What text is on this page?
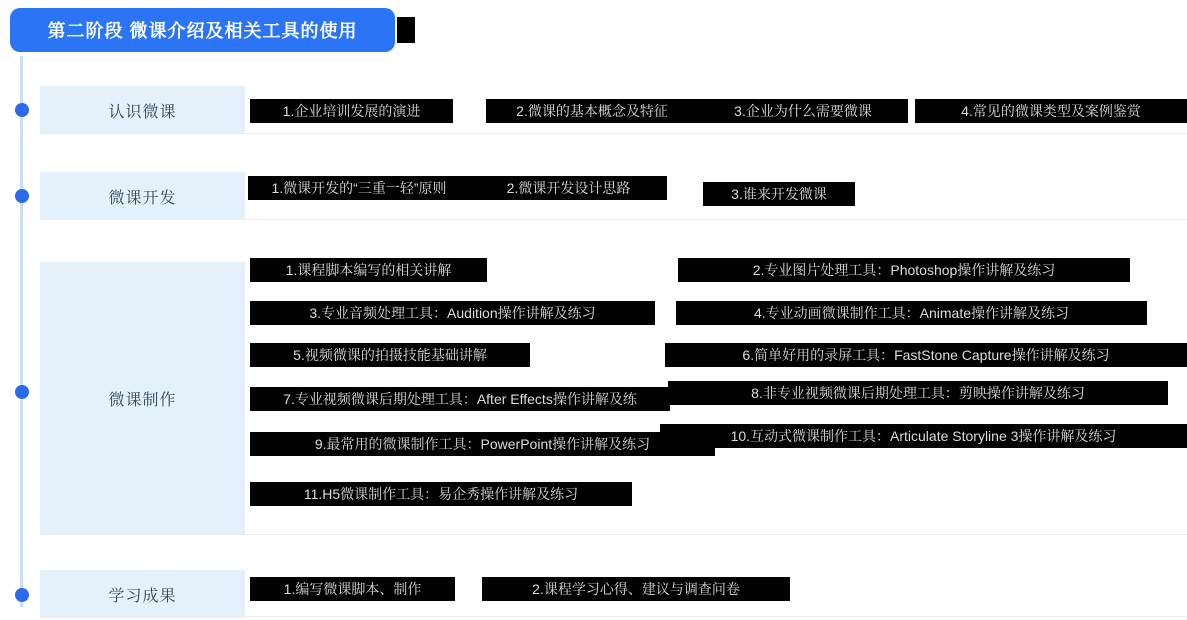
第二阶段 微课介绍及相关工具的使用
认识微课
微课开发
微课制作
学习成果
1.企业培训发展的演进	2.微课的基本概念及特征	3.企业为什么需要微课	4.常见的微课类型及案例鉴赏
1.微课开发的“三重一轻”原则	2.微课开发设计思路	3.谁来开发微课
1.课程脚本编写的相关讲解	2.专业图片处理工具：Photoshop操作讲解及练习
3.专业音频处理工具：Audition操作讲解及练习	4.专业动画微课制作工具：Animate操作讲解及练习
5.视频微课的拍摄技能基础讲解	6.简单好用的录屏工具：FastStone Capture操作讲解及练习
7.专业视频微课后期处理工具：After Effects操作讲解及练	8.非专业视频微课后期处理工具：剪映操作讲解及练习
9.最常用的微课制作工具：PowerPoint操作讲解及练习	10.互动式微课制作工具：Articulate Storyline 3操作讲解及练习
11.H5微课制作工具：易企秀操作讲解及练习
1.编写微课脚本、制作	2.课程学习心得、建议与调查问卷
